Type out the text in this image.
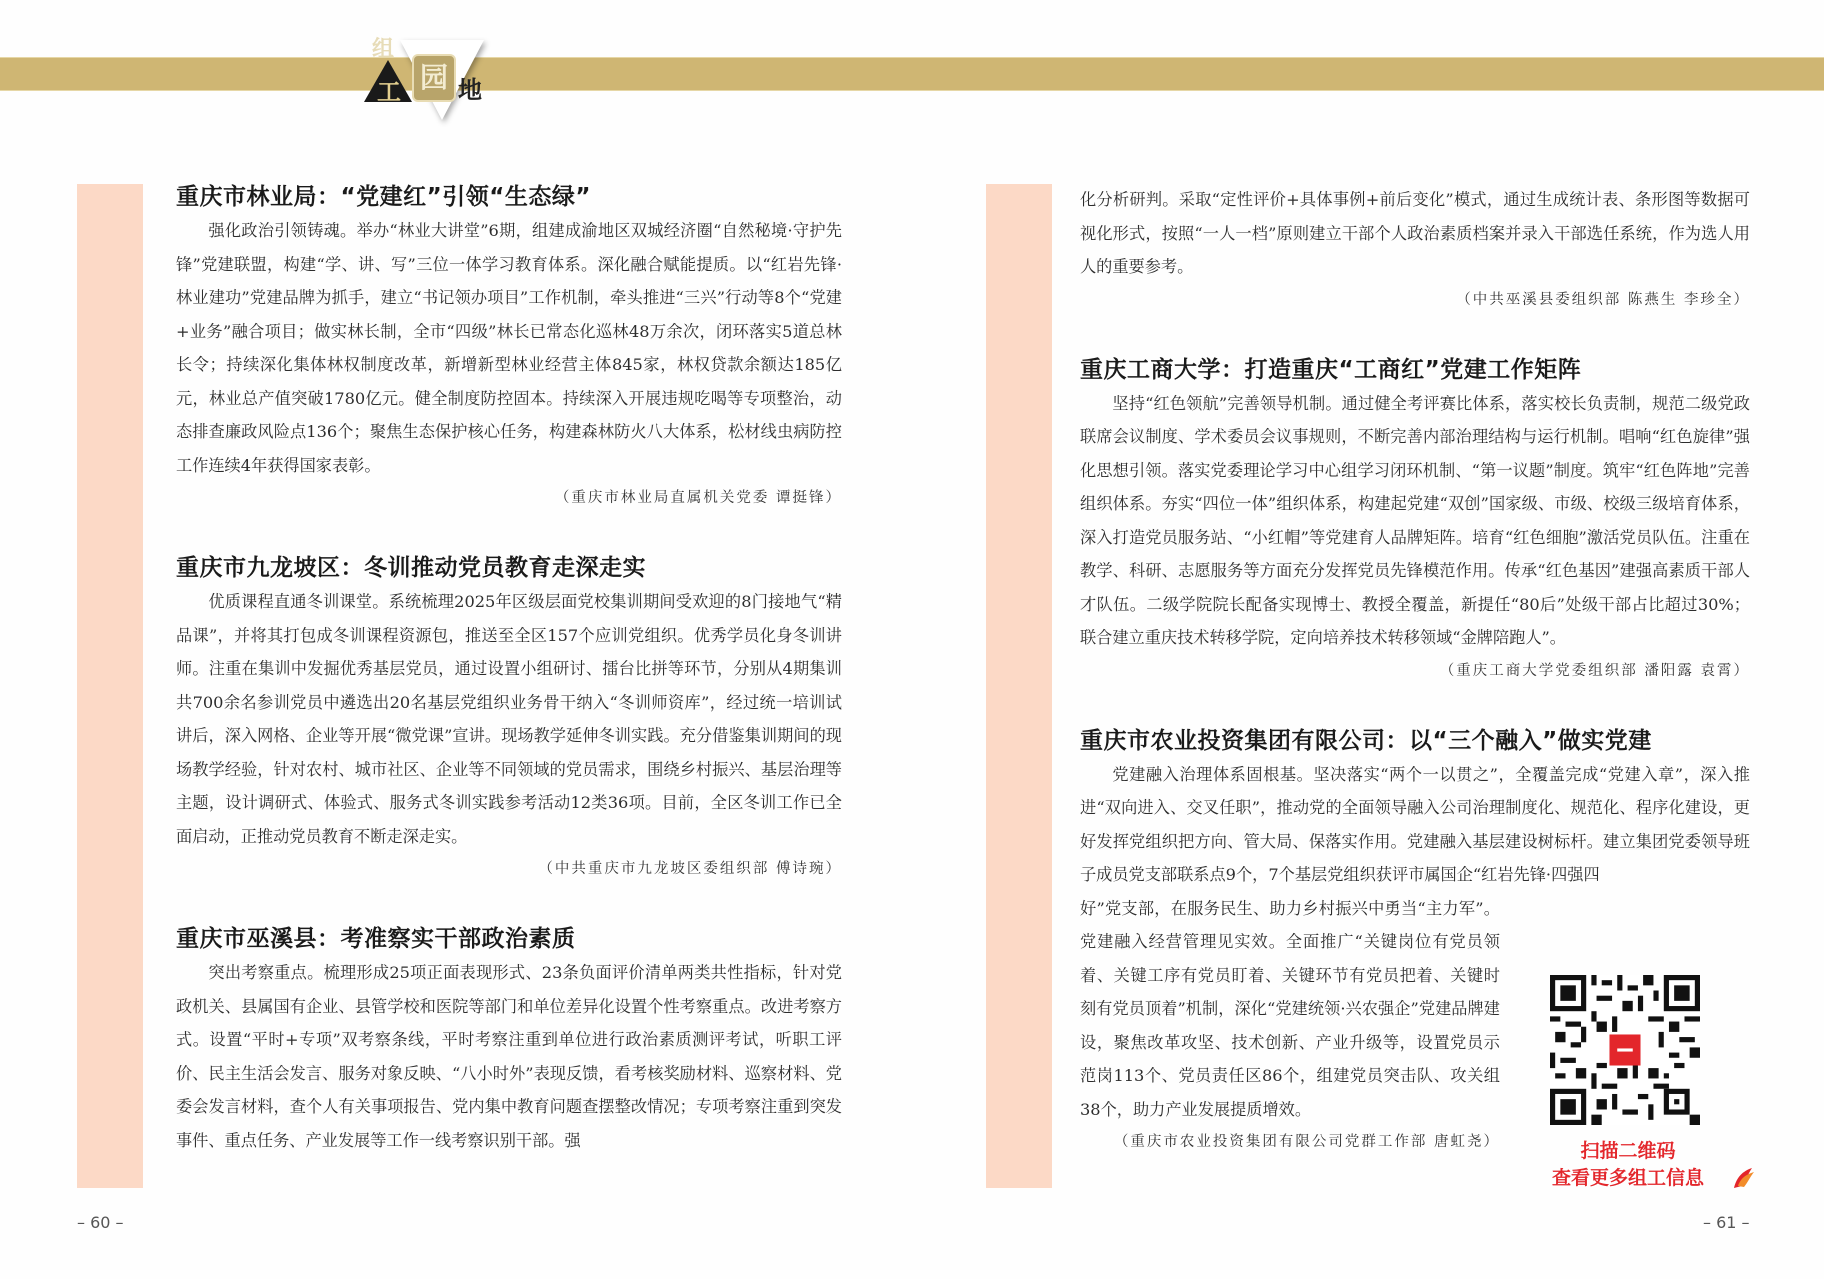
组
工 园 地
重庆市林业局：“党建红”引领“生态绿”

强化政治引领铸魂。举办“林业大讲堂”6期，组建成渝地区双城经济圈“自然秘境·守护先锋”党建联盟，构建“学、讲、写”三位一体学习教育体系。深化融合赋能提质。以“红岩先锋·林业建功”党建品牌为抓手，建立“书记领办项目”工作机制，牵头推进“三兴”行动等8个“党建+业务”融合项目；做实林长制，全市“四级”林长已常态化巡林48万余次，闭环落实5道总林长令；持续深化集体林权制度改革，新增新型林业经营主体845家，林权贷款余额达185亿元，林业总产值突破1780亿元。健全制度防控固本。持续深入开展违规吃喝等专项整治，动态排查廉政风险点136个；聚焦生态保护核心任务，构建森林防火八大体系，松材线虫病防控工作连续4年获得国家表彰。

（重庆市林业局直属机关党委 谭挺锋）

重庆市九龙坡区：冬训推动党员教育走深走实

优质课程直通冬训课堂。系统梳理2025年区级层面党校集训期间受欢迎的8门接地气“精品课”，并将其打包成冬训课程资源包，推送至全区157个应训党组织。优秀学员化身冬训讲师。注重在集训中发掘优秀基层党员，通过设置小组研讨、擂台比拼等环节，分别从4期集训共700余名参训党员中遴选出20名基层党组织业务骨干纳入“冬训师资库”，经过统一培训试讲后，深入网格、企业等开展“微党课”宣讲。现场教学延伸冬训实践。充分借鉴集训期间的现场教学经验，针对农村、城市社区、企业等不同领域的党员需求，围绕乡村振兴、基层治理等主题，设计调研式、体验式、服务式冬训实践参考活动12类36项。目前，全区冬训工作已全面启动，正推动党员教育不断走深走实。

（中共重庆市九龙坡区委组织部 傅诗琬）

重庆市巫溪县：考准察实干部政治素质

突出考察重点。梳理形成25项正面表现形式、23条负面评价清单两类共性指标，针对党政机关、县属国有企业、县管学校和医院等部门和单位差异化设置个性考察重点。改进考察方式。设置“平时+专项”双考察条线，平时考察注重到单位进行政治素质测评考试，听职工评价、民主生活会发言、服务对象反映、“八小时外”表现反馈，看考核奖励材料、巡察材料、党委会发言材料，查个人有关事项报告、党内集中教育问题查摆整改情况；专项考察注重到突发事件、重点任务、产业发展等工作一线考察识别干部。强

– 60 –

化分析研判。采取“定性评价+具体事例+前后变化”模式，通过生成统计表、条形图等数据可视化形式，按照“一人一档”原则建立干部个人政治素质档案并录入干部选任系统，作为选人用人的重要参考。

（中共巫溪县委组织部 陈燕生 李珍全）

重庆工商大学：打造重庆“工商红”党建工作矩阵

坚持“红色领航”完善领导机制。通过健全考评赛比体系，落实校长负责制，规范二级党政联席会议制度、学术委员会议事规则，不断完善内部治理结构与运行机制。唱响“红色旋律”强化思想引领。落实党委理论学习中心组学习闭环机制、“第一议题”制度。筑牢“红色阵地”完善组织体系。夯实“四位一体”组织体系，构建起党建“双创”国家级、市级、校级三级培育体系，深入打造党员服务站、“小红帽”等党建育人品牌矩阵。培育“红色细胞”激活党员队伍。注重在教学、科研、志愿服务等方面充分发挥党员先锋模范作用。传承“红色基因”建强高素质干部人才队伍。二级学院院长配备实现博士、教授全覆盖，新提任“80后”处级干部占比超过30%；联合建立重庆技术转移学院，定向培养技术转移领域“金牌陪跑人”。

（重庆工商大学党委组织部 潘阳露 袁霄）

重庆市农业投资集团有限公司：以“三个融入”做实党建

党建融入治理体系固根基。坚决落实“两个一以贯之”，全覆盖完成“党建入章”，深入推进“双向进入、交叉任职”，推动党的全面领导融入公司治理制度化、规范化、程序化建设，更好发挥党组织把方向、管大局、保落实作用。党建融入基层建设树标杆。建立集团党委领导班子成员党支部联系点9个，7个基层党组织获评市属国企“红岩先锋·四强四

好”党支部，在服务民生、助力乡村振兴中勇当“主力军”。党建融入经营管理见实效。全面推广“关键岗位有党员领着、关键工序有党员盯着、关键环节有党员把着、关键时刻有党员顶着”机制，深化“党建统领·兴农强企”党建品牌建设，聚焦改革攻坚、技术创新、产业升级等，设置党员示范岗113个、党员责任区86个，组建党员突击队、攻关组38个，助力产业发展提质增效。

（重庆市农业投资集团有限公司党群工作部 唐虹尧）	扫描二维码
查看更多组工信息
– 61 –
